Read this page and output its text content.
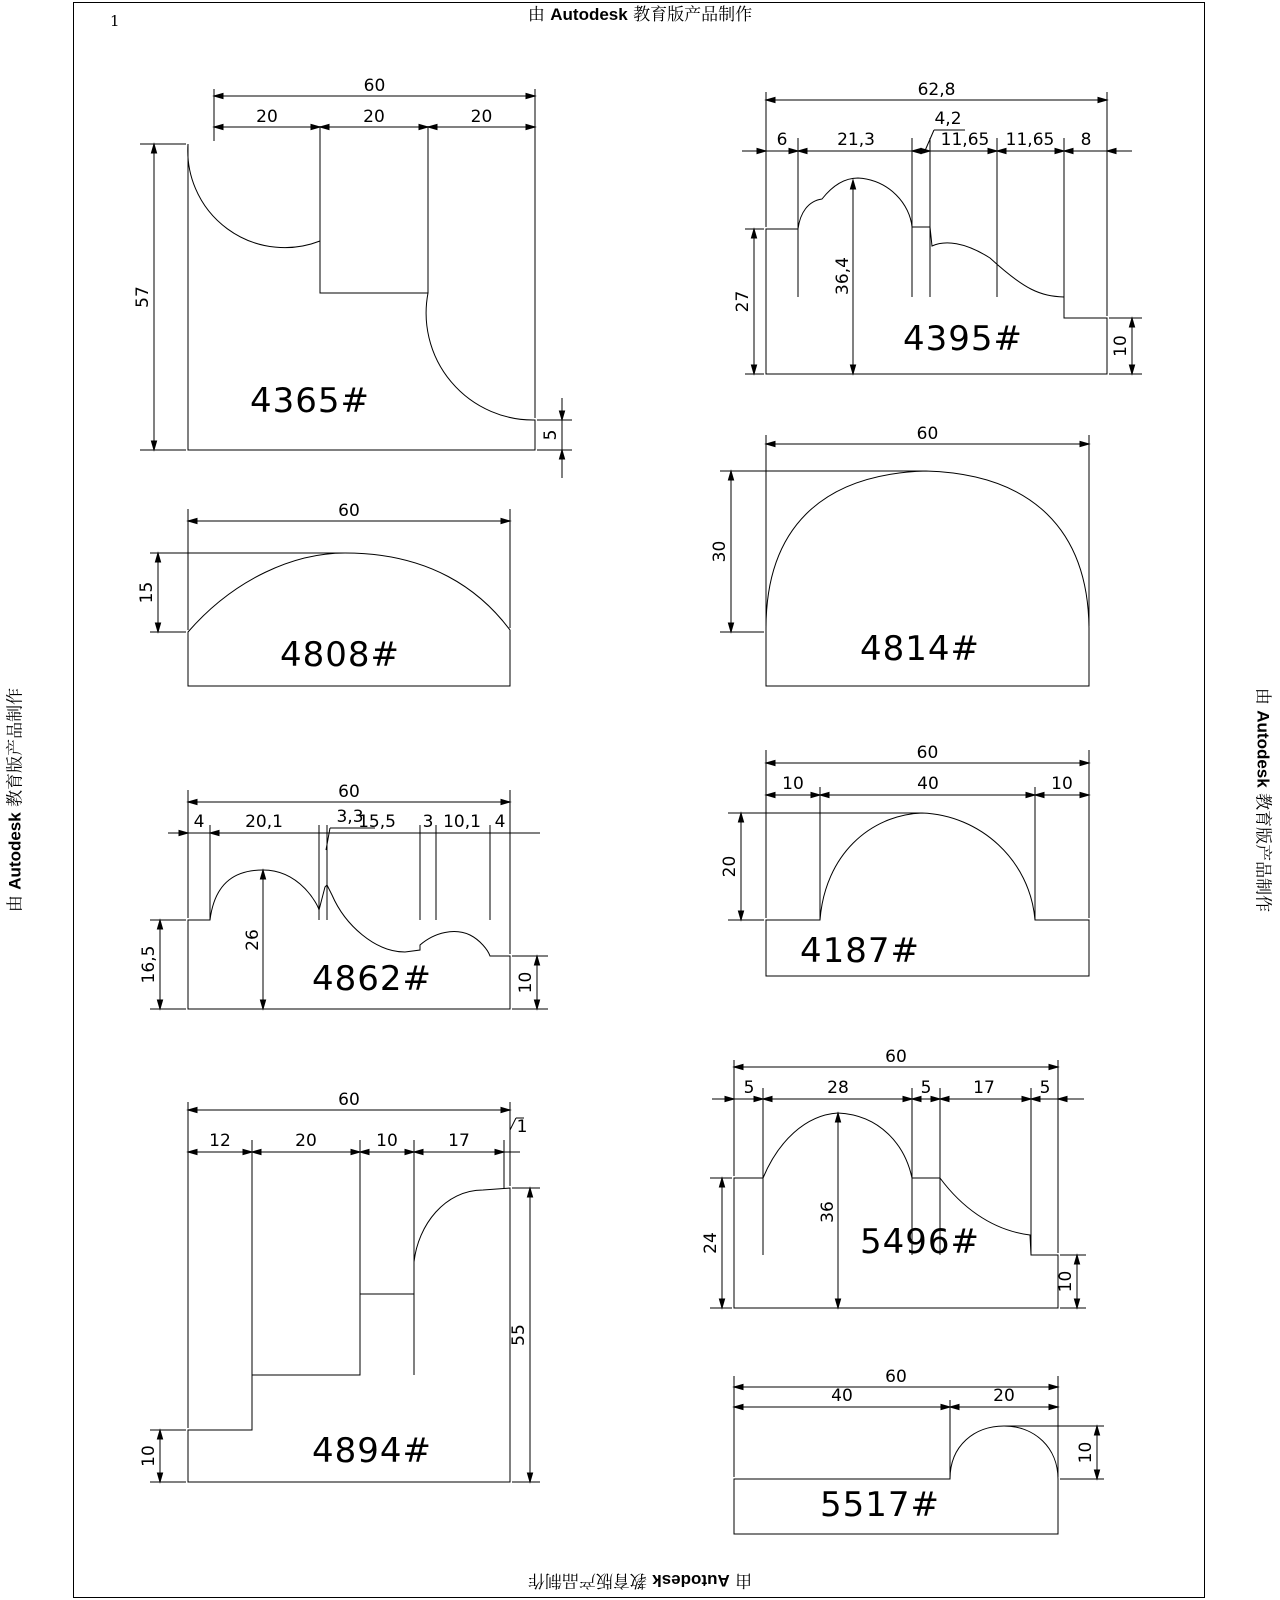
1	由 Autodesk 教育版产品制作
由 Autodesk 教育版产品制作
由 Autodesk 教育版产品制作	由 Autodesk 教育版产品制作
60
20	20	20
57
5
4365#
60
15
4808#
60
3,3
4 20,1	15,5 3 10,1 4
26
16,5	10
4862#
60
1
12	20	10	17
55
10	4894#
62,8
4,2
6	21,3	11,65 11,65 8
36,4
27
10
4395#
60
30
4814#
60
10	40	10
20
4187#
60
5	28	5 17	5
36
24
10
5496#
60
40	20
10
5517#
